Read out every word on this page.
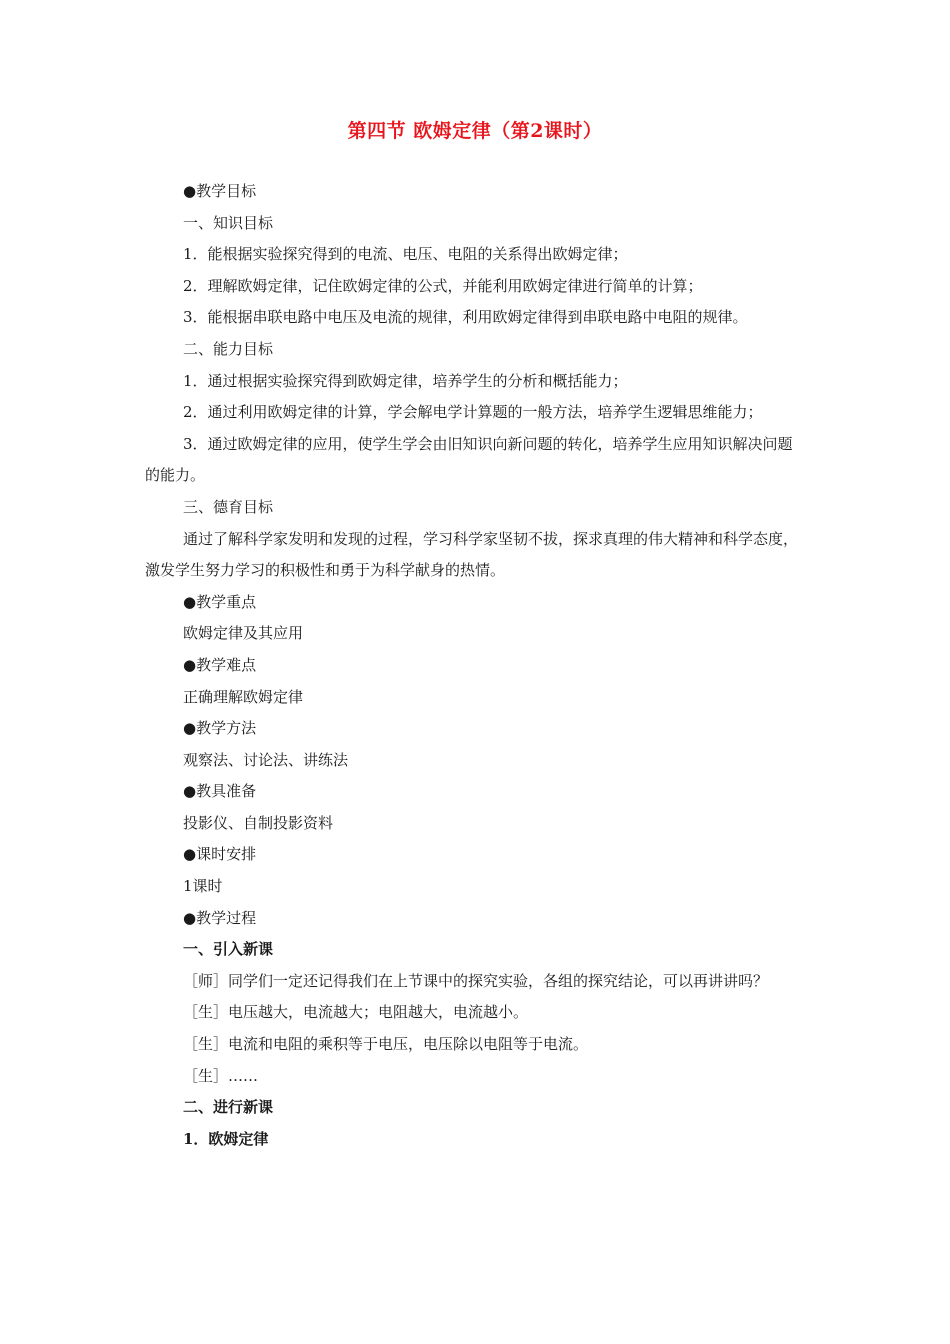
第四节 欧姆定律（第2课时）

●教学目标

一、知识目标

1．能根据实验探究得到的电流、电压、电阻的关系得出欧姆定律；

2．理解欧姆定律，记住欧姆定律的公式，并能利用欧姆定律进行简单的计算；

3．能根据串联电路中电压及电流的规律，利用欧姆定律得到串联电路中电阻的规律。

二、能力目标

1．通过根据实验探究得到欧姆定律，培养学生的分析和概括能力；

2．通过利用欧姆定律的计算，学会解电学计算题的一般方法，培养学生逻辑思维能力；

3．通过欧姆定律的应用，使学生学会由旧知识向新问题的转化，培养学生应用知识解决问题的能力。

三、德育目标

通过了解科学家发明和发现的过程，学习科学家坚韧不拔，探求真理的伟大精神和科学态度，激发学生努力学习的积极性和勇于为科学献身的热情。

●教学重点

欧姆定律及其应用

●教学难点

正确理解欧姆定律

●教学方法

观察法、讨论法、讲练法

●教具准备

投影仪、自制投影资料

●课时安排

1课时

●教学过程

一、引入新课

［师］同学们一定还记得我们在上节课中的探究实验，各组的探究结论，可以再讲讲吗？

［生］电压越大，电流越大；电阻越大，电流越小。

［生］电流和电阻的乘积等于电压，电压除以电阻等于电流。

［生］……

二、进行新课

1．欧姆定律
